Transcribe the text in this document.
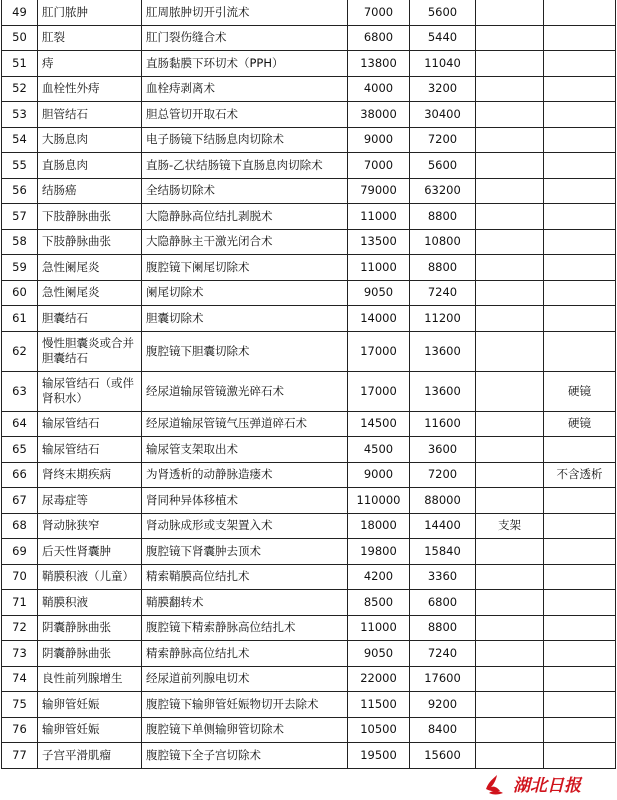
49	肛门脓肿	肛周脓肿切开引流术	7000	5600		
50	肛裂	肛门裂伤缝合术	6800	5440		
51	痔	直肠黏膜下环切术（PPH）	13800	11040		
52	血栓性外痔	血栓痔剥离术	4000	3200		
53	胆管结石	胆总管切开取石术	38000	30400		
54	大肠息肉	电子肠镜下结肠息肉切除术	9000	7200		
55	直肠息肉	直肠-乙状结肠镜下直肠息肉切除术	7000	5600		
56	结肠癌	全结肠切除术	79000	63200		
57	下肢静脉曲张	大隐静脉高位结扎剥脱术	11000	8800		
58	下肢静脉曲张	大隐静脉主干激光闭合术	13500	10800		
59	急性阑尾炎	腹腔镜下阑尾切除术	11000	8800		
60	急性阑尾炎	阑尾切除术	9050	7240		
61	胆囊结石	胆囊切除术	14000	11200		
62	慢性胆囊炎或合并胆囊结石	腹腔镜下胆囊切除术	17000	13600		
63	输尿管结石（或伴肾积水）	经尿道输尿管镜激光碎石术	17000	13600		硬镜
64	输尿管结石	经尿道输尿管镜气压弹道碎石术	14500	11600		硬镜
65	输尿管结石	输尿管支架取出术	4500	3600		
66	肾终末期疾病	为肾透析的动静脉造瘘术	9000	7200		不含透析
67	尿毒症等	肾同种异体移植术	110000	88000		
68	肾动脉狭窄	肾动脉成形或支架置入术	18000	14400	支架	
69	后天性肾囊肿	腹腔镜下肾囊肿去顶术	19800	15840		
70	鞘膜积液（儿童）	精索鞘膜高位结扎术	4200	3360		
71	鞘膜积液	鞘膜翻转术	8500	6800		
72	阴囊静脉曲张	腹腔镜下精索静脉高位结扎术	11000	8800		
73	阴囊静脉曲张	精索静脉高位结扎术	9050	7240		
74	良性前列腺增生	经尿道前列腺电切术	22000	17600		
75	输卵管妊娠	腹腔镜下输卵管妊娠物切开去除术	11500	9200		
76	输卵管妊娠	腹腔镜下单侧输卵管切除术	10500	8400		
77	子宫平滑肌瘤	腹腔镜下全子宫切除术	19500	15600		
湖北日报
